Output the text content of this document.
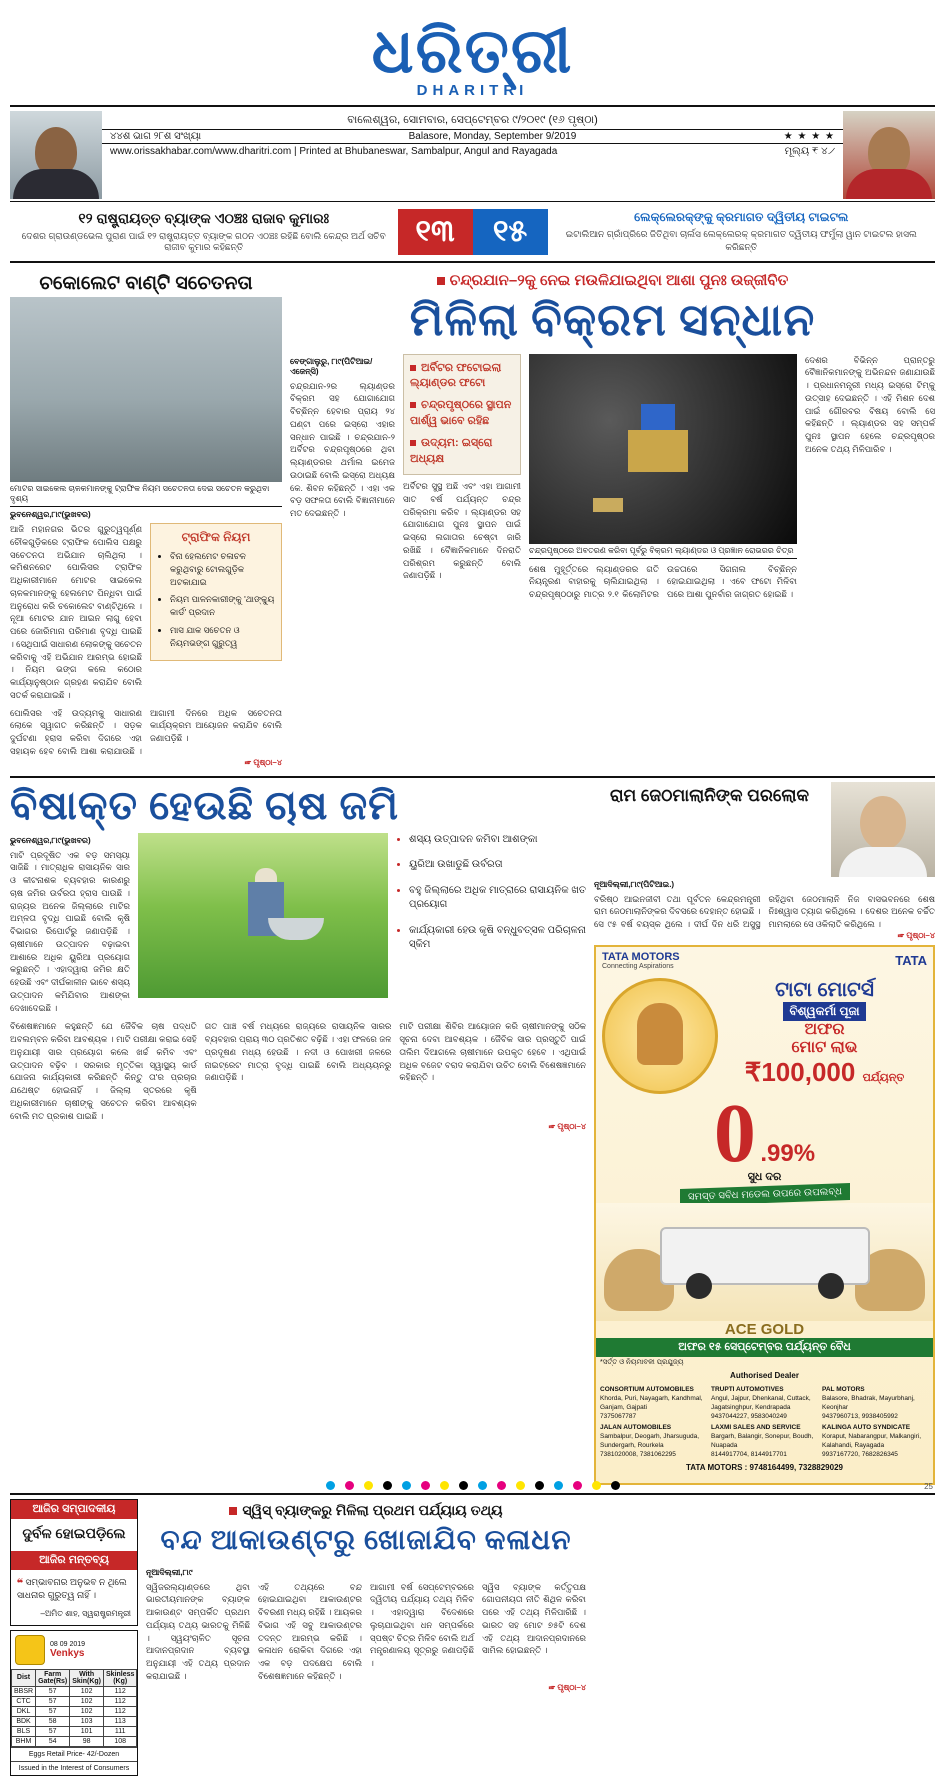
ଧରିତ୍ରୀ
DHARITRI
ବାଲେଶ୍ୱର, ସୋମବାର, ସେପ୍ଟେମ୍ବର ୯/୨୦୧୯ (୧୬ ପୃଷ୍ଠା)
୪୪ଶ ଭାଗ ୨୮ଶ ସଂଖ୍ୟା	Balasore, Monday, September 9/2019	★ ★ ★ ★
www.orissakhabar.com/www.dharitri.com | Printed at Bhubaneswar, Sambalpur, Angul and Rayagada	ମୂଲ୍ୟ ₹ ୪୵
୧୨ ରାଷ୍ଟ୍ରାୟତ୍ତ ବ୍ୟାଙ୍କ ଏଠଞ୍ଚଃ ରାଜାବ କୁମାରଃ
ଦେଶର ଗ୍ରାଉଣ୍ଡଭେଲ ପୁରାଣ ପାଇଁ ୧୨ ରାଷ୍ଟ୍ରାୟତ୍ତ ବ୍ୟାଙ୍କ ଗଠନ ଏଠଞ୍ଚଃ ରହିଛି ବୋଲି କେନ୍ଦ୍ର ଅର୍ଥ ସଚିବ ରାଜୀବ କୁମାର କହିଛନ୍ତି	୧୩	୧୫	ଲେକ୍ଲେରକ୍ଙ୍କୁ କ୍ରମାଗତ ଦ୍ୱିତୀୟ ଟାଇଟଲ
ଇଟାଲିଆନ ଗ୍ରାଁପ୍ରିରେ ଜିତିଥିବା ଚାର୍ଲସ ଲେକ୍ଲେରକ୍ କ୍ରମାଗତ ଦ୍ୱିତୀୟ ଫର୍ମୁଲା ୱାନ ଟାଇଟଲ ହାସଲ କରିଛନ୍ତି
ଚକୋଲେଟ ବାଣ୍ଟି ସଚେତନତା
ମୋଟର ସାଇକେଲ ଚାଳକମାନଙ୍କୁ ଟ୍ରାଫିକ ନିୟମ ସଚେତନତା ଦେଇ ସଚେତନ କରୁଥିବା ଦୃଶ୍ୟ
ଭୁବନେଶ୍ୱର,୮ା୯(ଭୁଖବର)
ଆଜି ମହାନଗର ଭିତର ଗୁରୁତ୍ୱପୂର୍ଣ୍ଣ ଚୌକଗୁଡ଼ିକରେ ଟ୍ରାଫିକ ପୋଲିସ ପକ୍ଷରୁ ସଚେତନତା ଅଭିଯାନ ଚାଲିଥିଲା । କମିଶନରେଟ ପୋଲିସର ଟ୍ରାଫିକ ଅଧିକାରୀମାନେ ମୋଟର ସାଇକେଲ ଚାଳକମାନଙ୍କୁ ହେଲମେଟ ପିନ୍ଧିବା ପାଇଁ ଅନୁରୋଧ କରି ଚକୋଲେଟ ବାଣ୍ଟିଥିଲେ । ନୂଆ ମୋଟର ଯାନ ଆଇନ ଲାଗୁ ହେବା ପରେ ଜୋରିମାନା ପରିମାଣ ବୃଦ୍ଧି ପାଇଛି । ସେଥିପାଇଁ ସାଧାରଣ ଲୋକଙ୍କୁ ସଚେତନ କରିବାକୁ ଏହି ଅଭିଯାନ ଆରମ୍ଭ ହୋଇଛି । ନିୟମ ଭଙ୍ଗ କଲେ କଠୋର କାର୍ଯ୍ୟାନୁଷ୍ଠାନ ଗ୍ରହଣ କରାଯିବ ବୋଲି ସତର୍କ କରାଯାଇଛି ।
ଟ୍ରାଫିକ ନିୟମ
• ବିନା ହେଲମେଟ ଚଳାଚଳ କରୁଥିବାରୁ ଟୋଲଗୁଡ଼ିକ ଅଟକାଯାଇ
• ନିୟମ ପାଳନକାରୀଙ୍କୁ 'ଥାଙ୍କ୍ୟୁ କାର୍ଡ' ପ୍ରଦାନ
• ମାସ ଯାକ ସଚେତନ ଓ ନିୟମଭଙ୍ଗ ଗୁରୁତ୍ୱ
ପୋଲିସର ଏହି ଉଦ୍ୟମକୁ ସାଧାରଣ ଲୋକେ ସ୍ୱାଗତ କରିଛନ୍ତି । ସଡ଼କ ଦୁର୍ଘଟଣା ହ୍ରାସ କରିବା ଦିଗରେ ଏହା ସହାୟକ ହେବ ବୋଲି ଆଶା କରାଯାଉଛି । ଆଗାମୀ ଦିନରେ ଅଧିକ ସଚେତନତା କାର୍ଯ୍ୟକ୍ରମ ଆୟୋଜନ କରାଯିବ ବୋଲି ଜଣାପଡ଼ିଛି ।
☞ ପୃଷ୍ଠା–୪
ଚନ୍ଦ୍ରଯାନ–୨କୁ ନେଇ ମଉଳିଯାଇଥିବା ଆଶା ପୁନଃ ଉଜ୍ଜୀବିତ
ମିଳିଲା ବିକ୍ରମ ସନ୍ଧାନ
ବେଙ୍ଗାଲୁରୁ, ୮ା୯(ପିଟିଆଇ/ଏଜେନ୍ସି)
ଚନ୍ଦ୍ରଯାନ-୨ର ଲ୍ୟାଣ୍ଡର ବିକ୍ରମ ସହ ଯୋଗାଯୋଗ ବିଚ୍ଛିନ୍ନ ହେବାର ପ୍ରାୟ ୨୪ ଘଣ୍ଟା ପରେ ଇସ୍ରୋ ଏହାର ସନ୍ଧାନ ପାଇଛି । ଚନ୍ଦ୍ରଯାନ-୨ ଅର୍ବିଟର ଚନ୍ଦ୍ରପୃଷ୍ଠରେ ଥିବା ଲ୍ୟାଣ୍ଡରର ଥର୍ମାଲ ଇମେଜ ଉଠାଇଛି ବୋଲି ଇସ୍ରୋ ଅଧ୍ୟକ୍ଷ କେ. ଶିବନ କହିଛନ୍ତି । ଏହା ଏକ ବଡ଼ ସଫଳତା ବୋଲି ବିଜ୍ଞାନୀମାନେ ମତ ଦେଇଛନ୍ତି ।
ଅର୍ବିଟର ଫଟୋଇଲା ଲ୍ୟାଣ୍ଡର ଫଟୋ
ଚନ୍ଦ୍ରପୃଷ୍ଠରେ ସ୍ଥାପନ ପାର୍ଶ୍ୱ ଭାବେ ରହିଛ
ଉଦ୍ୟମ: ଇସ୍ରୋ ଅଧ୍ୟକ୍ଷ
ଅର୍ବିଟର ସୁସ୍ଥ ଅଛି ଏବଂ ଏହା ଆଗାମୀ ସାତ ବର୍ଷ ପର୍ଯ୍ୟନ୍ତ ଚନ୍ଦ୍ର ପରିକ୍ରମା କରିବ । ଲ୍ୟାଣ୍ଡର ସହ ଯୋଗାଯୋଗ ପୁନଃ ସ୍ଥାପନ ପାଇଁ ଇସ୍ରୋ ଲଗାତାର ଚେଷ୍ଟା ଜାରି ରଖିଛି । ବୈଜ୍ଞାନିକମାନେ ଦିନରାତି ପରିଶ୍ରମ କରୁଛନ୍ତି ବୋଲି ଜଣାପଡ଼ିଛି ।
ଚନ୍ଦ୍ରପୃଷ୍ଠରେ ଅବତରଣ କରିବା ପୂର୍ବରୁ ବିକ୍ରମ ଲ୍ୟାଣ୍ଡର ଓ ପ୍ରଜ୍ଞାନ ରୋଭରର ଚିତ୍ର
ଶେଷ ମୁହୂର୍ତ୍ତରେ ଲ୍ୟାଣ୍ଡରର ଗତି ନିୟନ୍ତ୍ରଣ ବାହାରକୁ ଚାଲିଯାଇଥିଲା । ଚନ୍ଦ୍ରପୃଷ୍ଠଠାରୁ ମାତ୍ର ୨.୧ କିଲୋମିଟର ଉଚ୍ଚତାରେ ସିଗନାଲ ବିଚ୍ଛିନ୍ନ ହୋଇଯାଇଥିଲା । ଏବେ ଫଟୋ ମିଳିବା ପରେ ଆଶା ପୁନର୍ବାର ଜାଗ୍ରତ ହୋଇଛି ।
ଦେଶର ବିଭିନ୍ନ ପ୍ରାନ୍ତରୁ ବୈଜ୍ଞାନିକମାନଙ୍କୁ ଅଭିନନ୍ଦନ ଜଣାଯାଉଛି । ପ୍ରଧାନମନ୍ତ୍ରୀ ମଧ୍ୟ ଇସ୍ରୋ ଟିମ୍‌କୁ ଉତ୍ସାହ ଦେଇଛନ୍ତି । ଏହି ମିଶନ ଦେଶ ପାଇଁ ଗୌରବର ବିଷୟ ବୋଲି ସେ କହିଛନ୍ତି । ଲ୍ୟାଣ୍ଡର ସହ ସମ୍ପର୍କ ପୁନଃ ସ୍ଥାପନ ହେଲେ ଚନ୍ଦ୍ରପୃଷ୍ଠର ଅନେକ ତଥ୍ୟ ମିଳିପାରିବ ।
ବିଷାକ୍ତ ହେଉଛି ଚାଷ ଜମି
ଭୁବନେଶ୍ୱର,୮ା୯(ଭୁଖବର)
ମାଟି ପ୍ରଦୂଷିତ ଏକ ବଡ଼ ସମସ୍ୟା ସାଜିଛି । ମାତ୍ରାଧିକ ରାସାୟନିକ ସାର ଓ କୀଟନାଶକ ବ୍ୟବହାର କାରଣରୁ ଚାଷ ଜମିର ଉର୍ବରତା ହ୍ରାସ ପାଉଛି । ରାଜ୍ୟର ଅନେକ ଜିଲ୍ଲାରେ ମାଟିର ଅମ୍ଳତା ବୃଦ୍ଧି ପାଇଛି ବୋଲି କୃଷି ବିଭାଗର ରିପୋର୍ଟରୁ ଜଣାପଡ଼ିଛି । ଚାଷୀମାନେ ଉତ୍ପାଦନ ବଢ଼ାଇବା ଆଶାରେ ଅଧିକ ୟୁରିଆ ପ୍ରୟୋଗ କରୁଛନ୍ତି । ଏହାଦ୍ୱାରା ଜମିର କ୍ଷତି ହେଉଛି ଏବଂ ଦୀର୍ଘକାଳୀନ ଭାବେ ଶସ୍ୟ ଉତ୍ପାଦନ କମିଯିବାର ଆଶଙ୍କା ଦେଖାଦେଇଛି ।
• ଶସ୍ୟ ଉତ୍ପାଦନ କମିବା ଆଶଙ୍କା
• ୟୁରିଆ ଉଖାଡୁଛି ଉର୍ବରତା
• ବହୁ ଜିଲ୍ଲାରେ ଅଧିକ ମାତ୍ରାରେ ରାସାୟନିକ ଖତ ପ୍ରୟୋଗ
• କାର୍ଯ୍ୟକାରୀ ହେଉ କୃଷି ବନ୍ଧୁବତ୍ସଳ ପରିଚାଳନା ସ୍କିମ
ବିଶେଷଜ୍ଞମାନେ କହୁଛନ୍ତି ଯେ ଜୈବିକ ଚାଷ ପଦ୍ଧତି ଅବଲମ୍ବନ କରିବା ଆବଶ୍ୟକ । ମାଟି ପରୀକ୍ଷା କରାଇ ସେହି ଅନୁଯାୟୀ ସାର ପ୍ରୟୋଗ କଲେ ଖର୍ଚ୍ଚ କମିବ ଏବଂ ଉତ୍ପାଦନ ବଢ଼ିବ । ସରକାର ମୃତ୍ତିକା ସ୍ୱାସ୍ଥ୍ୟ କାର୍ଡ ଯୋଜନା କାର୍ଯ୍ୟକାରୀ କରିଛନ୍ତି କିନ୍ତୁ ତା'ର ପ୍ରଚାର ଯଥେଷ୍ଟ ହୋଇନାହିଁ । ଜିଲ୍ଲା ସ୍ତରରେ କୃଷି ଅଧିକାରୀମାନେ ଚାଷୀଙ୍କୁ ସଚେତନ କରିବା ଆବଶ୍ୟକ ବୋଲି ମତ ପ୍ରକାଶ ପାଇଛି ।
ଗତ ପାଞ୍ଚ ବର୍ଷ ମଧ୍ୟରେ ରାଜ୍ୟରେ ରାସାୟନିକ ସାରର ବ୍ୟବହାର ପ୍ରାୟ ୩୦ ପ୍ରତିଶତ ବଢ଼ିଛି । ଏହା ଫଳରେ ଜଳ ପ୍ରଦୂଷଣ ମଧ୍ୟ ହେଉଛି । ନଦୀ ଓ ପୋଖରୀ ଜଳରେ ନାଇଟ୍ରେଟ ମାତ୍ରା ବୃଦ୍ଧି ପାଇଛି ବୋଲି ଅଧ୍ୟୟନରୁ ଜଣାପଡ଼ିଛି ।
ମାଟି ପରୀକ୍ଷା ଶିବିର ଆୟୋଜନ କରି ଚାଷୀମାନଙ୍କୁ ସଠିକ ସୂଚନା ଦେବା ଆବଶ୍ୟକ । ଜୈବିକ ସାର ପ୍ରସ୍ତୁତି ପାଇଁ ତାଲିମ ଦିଆଗଲେ ଚାଷୀମାନେ ଉପକୃତ ହେବେ । ଏଥିପାଇଁ ଅଧିକ ବଜେଟ ବରାଦ କରାଯିବା ଉଚିତ ବୋଲି ବିଶେଷଜ୍ଞମାନେ କହିଛନ୍ତି ।
☞ ପୃଷ୍ଠା–୪
ରାମ ଜେଠମାଲାନିଙ୍କ ପରଲୋକ
ନୂଆଦିଲ୍ଲୀ,୮ା୯(ପିଟିଆଇ.)
ବରିଷ୍ଠ ଆଇନଜୀବୀ ତଥା ପୂର୍ବତନ କେନ୍ଦ୍ରମନ୍ତ୍ରୀ ରାମ ଜେଠମାଲାନିଙ୍କର ଦିବସରେ ଦେହାନ୍ତ ହୋଇଛି । ସେ ୯୫ ବର୍ଷ ବୟସ୍କ ଥିଲେ । ଦୀର୍ଘ ଦିନ ଧରି ଅସୁସ୍ଥ ରହିଥିବା ଜେଠମାଲାନି ନିଜ ବାସଭବନରେ ଶେଷ ନିଃଶ୍ୱାସ ତ୍ୟାଗ କରିଥିଲେ । ଦେଶର ଅନେକ ଚର୍ଚ୍ଚିତ ମାମଲାରେ ସେ ଓକିଲାତି କରିଥିଲେ ।
☞ ପୃଷ୍ଠା–୪
TATA MOTORS
Connecting Aspirations	TATA
ଟାଟା ମୋଟର୍ସ
ବିଶ୍ୱକର୍ମା ପୂଜା
ଅଫର
ମୋଟ ଲାଭ
₹100,000 ପର୍ଯ୍ୟନ୍ତ
0 .99%
ସୁଧ ଦର
ସମସ୍ତ ସବିଧ ମଡେଲ ଉପରେ ଉପଲବ୍ଧ
ACE GOLD
ଅଫର ୧୫ ସେପ୍ଟେମ୍ବର ପର୍ଯ୍ୟନ୍ତ ବୈଧ
*ସର୍ତ୍ତ ଓ ନିୟମାବଳୀ ପ୍ରଯୁଜ୍ୟ
Authorised Dealer
CONSORTIUM AUTOMOBILES
Khorda, Puri, Nayagarh, Kandhmal, Ganjam, Gajpati
7375067787
TRUPTI AUTOMOTIVES
Angul, Jajpur, Dhenkanal, Cuttack, Jagatsinghpur, Kendrapada
9437044227, 9583040249
PAL MOTORS
Balasore, Bhadrak, Mayurbhanj, Keonjhar
9437960713, 9938405992
JALAN AUTOMOBILES
Sambalpur, Deogarh, Jharsuguda, Sundergarh, Rourkela
7381020008, 7381062295
LAXMI SALES AND SERVICE
Bargarh, Balangir, Sonepur, Boudh, Nuapada
8144917704, 8144917701
KALINGA AUTO SYNDICATE
Koraput, Nabarangpur, Malkangiri, Kalahandi, Rayagada
9937167720, 7682826345
TATA MOTORS : 9748164499, 7328829029
ଆଜିର ସମ୍ପାଦକୀୟ
ଦୁର୍ବଳ ହୋଇପଡ଼ିଲେ
ଆଜିର ମନ୍ତବ୍ୟ
❝ ସମ୍ଭାବନାର ଅନୁଭବ ନ ଥିଲେ ସାଧନାର ଗୁରୁତ୍ୱ ନାହିଁ ।
–ଅମିତ ଶାହ, ସ୍ୱରାଷ୍ଟ୍ରମନ୍ତ୍ରୀ
08 09 2019
Venkys
Dist	Farm Gate(Rs)	With Skin(Kg)	Skinless (Kg)
BBSR	57	102	112
CTC	57	102	112
DKL	57	102	112
BDK	58	103	113
BLS	57	101	111
BHM	54	98	108
Eggs Retail Price- 42/-Dozen
Issued in the Interest of Consumers
ସ୍ୱିସ୍ ବ୍ୟାଙ୍କରୁ ମିଳିଲା ପ୍ରଥମ ପର୍ଯ୍ୟାୟ ତଥ୍ୟ
ବନ୍ଦ ଆକାଉଣ୍ଟରୁ ଖୋଜାଯିବ କଳାଧନ
ନୂଆଦିଲ୍ଲୀ,୮ା୯
ସ୍ୱିଜରଲ୍ୟାଣ୍ଡରେ ଥିବା ଭାରତୀୟମାନଙ୍କ ବ୍ୟାଙ୍କ ଆକାଉଣ୍ଟ ସମ୍ପର୍କିତ ପ୍ରଥମ ପର୍ଯ୍ୟାୟ ତଥ୍ୟ ଭାରତକୁ ମିଳିଛି । ସ୍ୱୟଂଚାଳିତ ସୂଚନା ଆଦାନପ୍ରଦାନ ବ୍ୟବସ୍ଥା ଅନୁଯାୟୀ ଏହି ତଥ୍ୟ ପ୍ରଦାନ କରାଯାଇଛି ।
ଏହି ତଥ୍ୟରେ ବନ୍ଦ ହୋଇଯାଇଥିବା ଆକାଉଣ୍ଟର ବିବରଣୀ ମଧ୍ୟ ରହିଛି । ଆୟକର ବିଭାଗ ଏହି ସବୁ ଆକାଉଣ୍ଟର ତଦନ୍ତ ଆରମ୍ଭ କରିଛି । କଳାଧନ ରୋକିବା ଦିଗରେ ଏହା ଏକ ବଡ଼ ପଦକ୍ଷେପ ବୋଲି ବିଶେଷଜ୍ଞମାନେ କହିଛନ୍ତି ।
ଆଗାମୀ ବର୍ଷ ସେପ୍ଟେମ୍ବରରେ ଦ୍ୱିତୀୟ ପର୍ଯ୍ୟାୟ ତଥ୍ୟ ମିଳିବ । ଏହାଦ୍ୱାରା ବିଦେଶରେ ଲୁଚାଯାଇଥିବା ଧନ ସମ୍ପର୍କରେ ସ୍ପଷ୍ଟ ଚିତ୍ର ମିଳିବ ବୋଲି ଅର୍ଥ ମନ୍ତ୍ରଣାଳୟ ସୂତ୍ରରୁ ଜଣାପଡ଼ିଛି ।
ସ୍ୱିସ ବ୍ୟାଙ୍କ କର୍ତ୍ତୃପକ୍ଷ ଗୋପନୀୟତା ନୀତି ଶିଥିଳ କରିବା ପରେ ଏହି ତଥ୍ୟ ମିଳିପାରିଛି । ଭାରତ ସହ ମୋଟ ୭୫ଟି ଦେଶ ଏହି ତଥ୍ୟ ଆଦାନପ୍ରଦାନରେ ସାମିଲ ହୋଇଛନ୍ତି ।
☞ ପୃଷ୍ଠା–୪
25
